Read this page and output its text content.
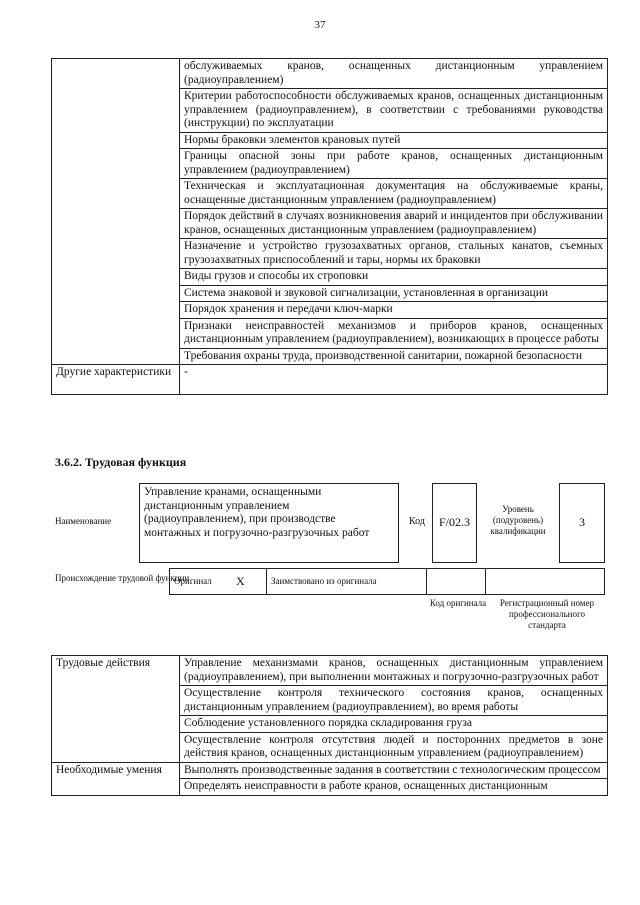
37
	обслуживаемых кранов, оснащенных дистанционным управлением (радиоуправлением)
	Критерии работоспособности обслуживаемых кранов, оснащенных дистанционным управлением (радиоуправлением), в соответствии с требованиями руководства (инструкции) по эксплуатации
	Нормы браковки элементов крановых путей
	Границы опасной зоны при работе кранов, оснащенных дистанционным управлением (радиоуправлением)
	Техническая и эксплуатационная документация на обслуживаемые краны, оснащенные дистанционным управлением (радиоуправлением)
	Порядок действий в случаях возникновения аварий и инцидентов при обслуживании кранов, оснащенных дистанционным управлением (радиоуправлением)
	Назначение и устройство грузозахватных органов, стальных канатов, съемных грузозахватных приспособлений и тары, нормы их браковки
	Виды грузов и способы их строповки
	Система знаковой и звуковой сигнализации, установленная в организации
	Порядок хранения и передачи ключ-марки
	Признаки неисправностей механизмов и приборов кранов, оснащенных дистанционным управлением (радиоуправлением), возникающих в процессе работы
	Требования охраны труда, производственной санитарии, пожарной безопасности
Другие характеристики	-
3.6.2. Трудовая функция
Наименование
Управление кранами, оснащенными дистанционным управлением (радиоуправлением), при производстве монтажных и погрузочно-разгрузочных работ
Код	F/02.3
Уровень (подуровень) квалификации
3
Происхождение трудовой функции
Оригинал X	Заимствовано из оригинала
Код оригинала	Регистрационный номер профессионального стандарта
Трудовые действия	Управление механизмами кранов, оснащенных дистанционным управлением (радиоуправлением), при выполнении монтажных и погрузочно-разгрузочных работ
	Осуществление контроля технического состояния кранов, оснащенных дистанционным управлением (радиоуправлением), во время работы
	Соблюдение установленного порядка складирования груза
	Осуществление контроля отсутствия людей и посторонних предметов в зоне действия кранов, оснащенных дистанционным управлением (радиоуправлением)
Необходимые умения	Выполнять производственные задания в соответствии с технологическим процессом
	Определять неисправности в работе кранов, оснащенных дистанционным
